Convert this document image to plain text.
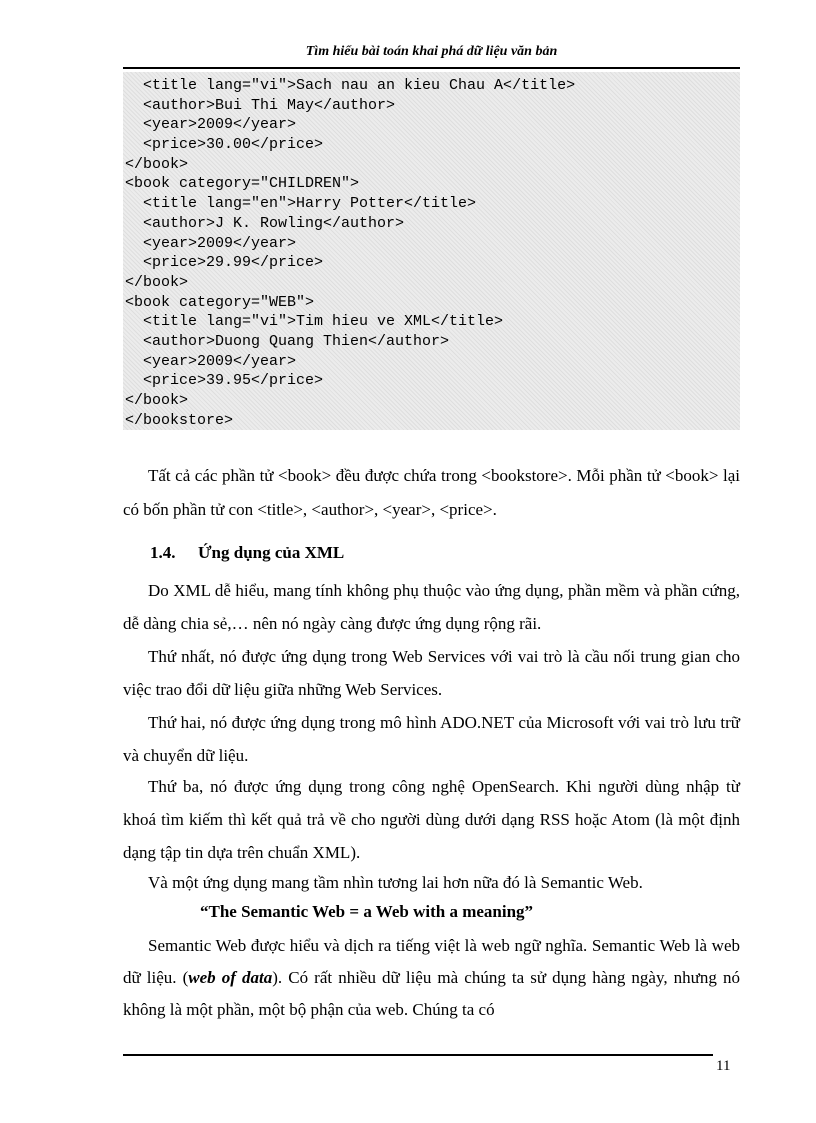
Tìm hiểu bài toán khai phá dữ liệu văn bản
<title lang="vi">Sach nau an kieu Chau A</title>
<author>Bui Thi May</author>
<year>2009</year>
<price>30.00</price>
</book>
<book category="CHILDREN">
<title lang="en">Harry Potter</title>
<author>J K. Rowling</author>
<year>2009</year>
<price>29.99</price>
</book>
<book category="WEB">
<title lang="vi">Tim hieu ve XML</title>
<author>Duong Quang Thien</author>
<year>2009</year>
<price>39.95</price>
</book>
</bookstore>

Tất cả các phần tử <book> đều được chứa trong <bookstore>. Mỗi phần tử <book> lại có bốn phần tử con <title>, <author>, <year>, <price>.

1.4. Ứng dụng của XML

Do XML dễ hiểu, mang tính không phụ thuộc vào ứng dụng, phần mềm và phần cứng, dễ dàng chia sẻ,… nên nó ngày càng được ứng dụng rộng rãi.

Thứ nhất, nó được ứng dụng trong Web Services với vai trò là cầu nối trung gian cho việc trao đổi dữ liệu giữa những Web Services.

Thứ hai, nó được ứng dụng trong mô hình ADO.NET của Microsoft với vai trò lưu trữ và chuyển dữ liệu.

Thứ ba, nó được ứng dụng trong công nghệ OpenSearch. Khi người dùng nhập từ khoá tìm kiếm thì kết quả trả về cho người dùng dưới dạng RSS hoặc Atom (là một định dạng tập tin dựa trên chuẩn XML).

Và một ứng dụng mang tầm nhìn tương lai hơn nữa đó là Semantic Web.

“The Semantic Web = a Web with a meaning”

Semantic Web được hiểu và dịch ra tiếng việt là web ngữ nghĩa. Semantic Web là web dữ liệu. (web of data). Có rất nhiều dữ liệu mà chúng ta sử dụng hàng ngày, nhưng nó không là một phần, một bộ phận của web. Chúng ta có

11
